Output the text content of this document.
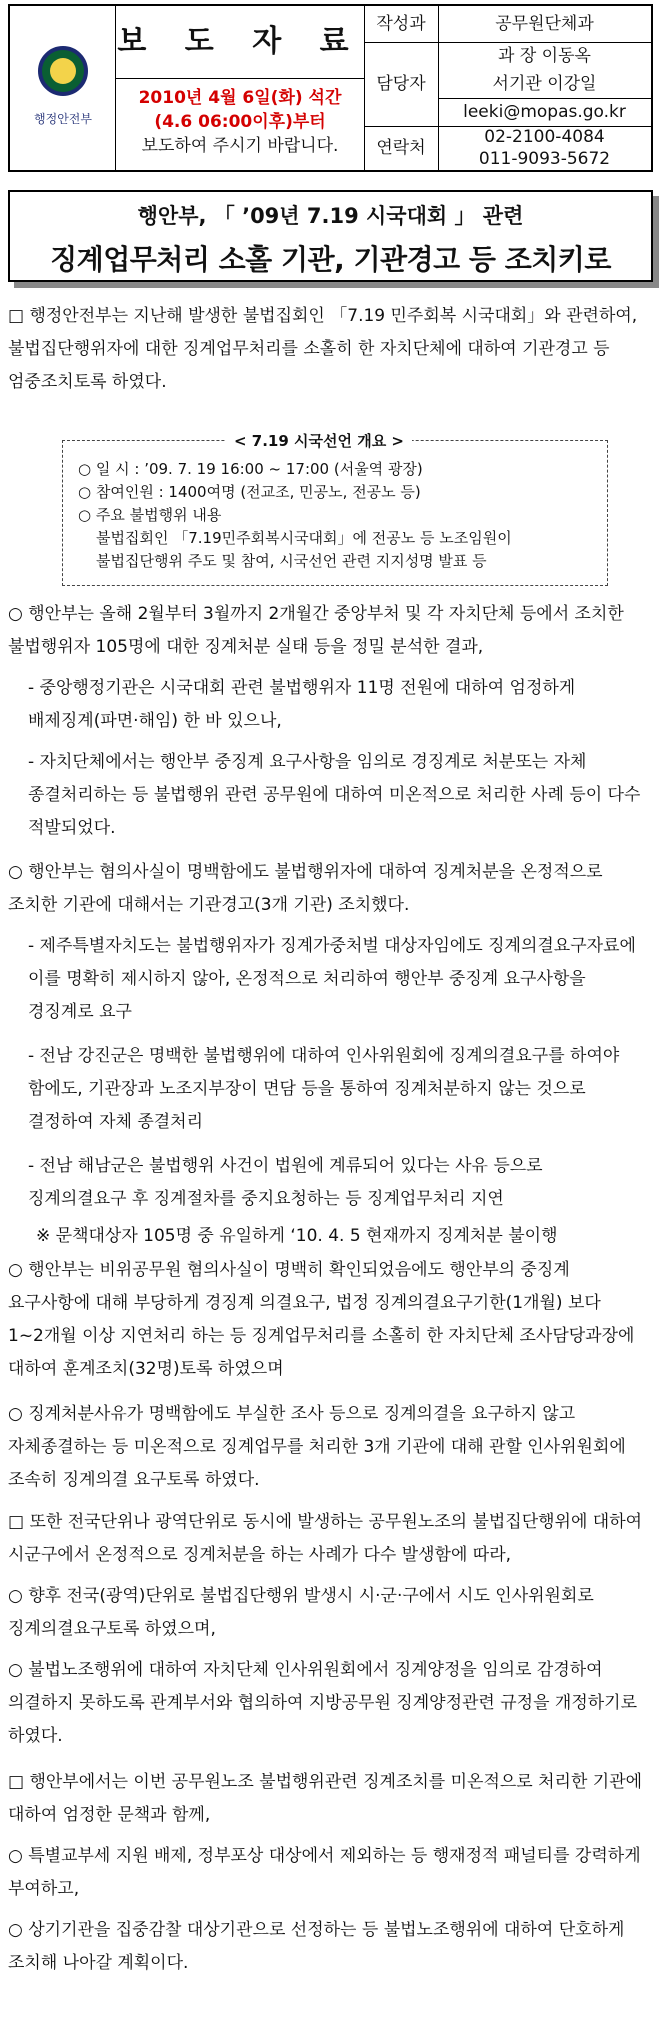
행정안전부
보 도 자 료
2010년 4월 6일(화) 석간
(4.6 06:00이후)부터
보도하여 주시기 바랍니다.
작성과	공무원단체과
담당자
과 장 이동옥
서기관 이강일
leeki@mopas.go.kr
연락처
02-2100-4084
011-9093-5672
행안부, 「 ’09년 7.19 시국대회 」 관련
징계업무처리 소홀 기관, 기관경고 등 조치키로
□ 행정안전부는 지난해 발생한 불법집회인 「7.19 민주회복 시국대회」와 관련하여, 불법집단행위자에 대한 징계업무처리를 소홀히 한 자치단체에 대하여 기관경고 등 엄중조치토록 하였다.
< 7.19 시국선언 개요 >
○ 일 시 : ’09. 7. 19 16:00 ~ 17:00 (서울역 광장)
○ 참여인원 : 1400여명 (전교조, 민공노, 전공노 등)
○ 주요 불법행위 내용
불법집회인 「7.19민주회복시국대회」에 전공노 등 노조임원이 불법집단행위 주도 및 참여, 시국선언 관련 지지성명 발표 등
○ 행안부는 올해 2월부터 3월까지 2개월간 중앙부처 및 각 자치단체 등에서 조치한 불법행위자 105명에 대한 징계처분 실태 등을 정밀 분석한 결과,
- 중앙행정기관은 시국대회 관련 불법행위자 11명 전원에 대하여 엄정하게 배제징계(파면·해임) 한 바 있으나,
- 자치단체에서는 행안부 중징계 요구사항을 임의로 경징계로 처분또는 자체 종결처리하는 등 불법행위 관련 공무원에 대하여 미온적으로 처리한 사례 등이 다수 적발되었다.
○ 행안부는 혐의사실이 명백함에도 불법행위자에 대하여 징계처분을 온정적으로 조치한 기관에 대해서는 기관경고(3개 기관) 조치했다.
- 제주특별자치도는 불법행위자가 징계가중처벌 대상자임에도 징계의결요구자료에 이를 명확히 제시하지 않아, 온정적으로 처리하여 행안부 중징계 요구사항을 경징계로 요구
- 전남 강진군은 명백한 불법행위에 대하여 인사위원회에 징계의결요구를 하여야 함에도, 기관장과 노조지부장이 면담 등을 통하여 징계처분하지 않는 것으로 결정하여 자체 종결처리
- 전남 해남군은 불법행위 사건이 법원에 계류되어 있다는 사유 등으로 징계의결요구 후 징계절차를 중지요청하는 등 징계업무처리 지연
※ 문책대상자 105명 중 유일하게 ‘10. 4. 5 현재까지 징계처분 불이행
○ 행안부는 비위공무원 혐의사실이 명백히 확인되었음에도 행안부의 중징계 요구사항에 대해 부당하게 경징계 의결요구, 법정 징계의결요구기한(1개월) 보다 1~2개월 이상 지연처리 하는 등 징계업무처리를 소홀히 한 자치단체 조사담당과장에 대하여 훈계조치(32명)토록 하였으며
○ 징계처분사유가 명백함에도 부실한 조사 등으로 징계의결을 요구하지 않고 자체종결하는 등 미온적으로 징계업무를 처리한 3개 기관에 대해 관할 인사위원회에 조속히 징계의결 요구토록 하였다.
□ 또한 전국단위나 광역단위로 동시에 발생하는 공무원노조의 불법집단행위에 대하여 시군구에서 온정적으로 징계처분을 하는 사례가 다수 발생함에 따라,
○ 향후 전국(광역)단위로 불법집단행위 발생시 시·군·구에서 시도 인사위원회로 징계의결요구토록 하였으며,
○ 불법노조행위에 대하여 자치단체 인사위원회에서 징계양정을 임의로 감경하여 의결하지 못하도록 관계부서와 협의하여 지방공무원 징계양정관련 규정을 개정하기로 하였다.
□ 행안부에서는 이번 공무원노조 불법행위관련 징계조치를 미온적으로 처리한 기관에 대하여 엄정한 문책과 함께,
○ 특별교부세 지원 배제, 정부포상 대상에서 제외하는 등 행재정적 패널티를 강력하게 부여하고,
○ 상기기관을 집중감찰 대상기관으로 선정하는 등 불법노조행위에 대하여 단호하게 조치해 나아갈 계획이다.
